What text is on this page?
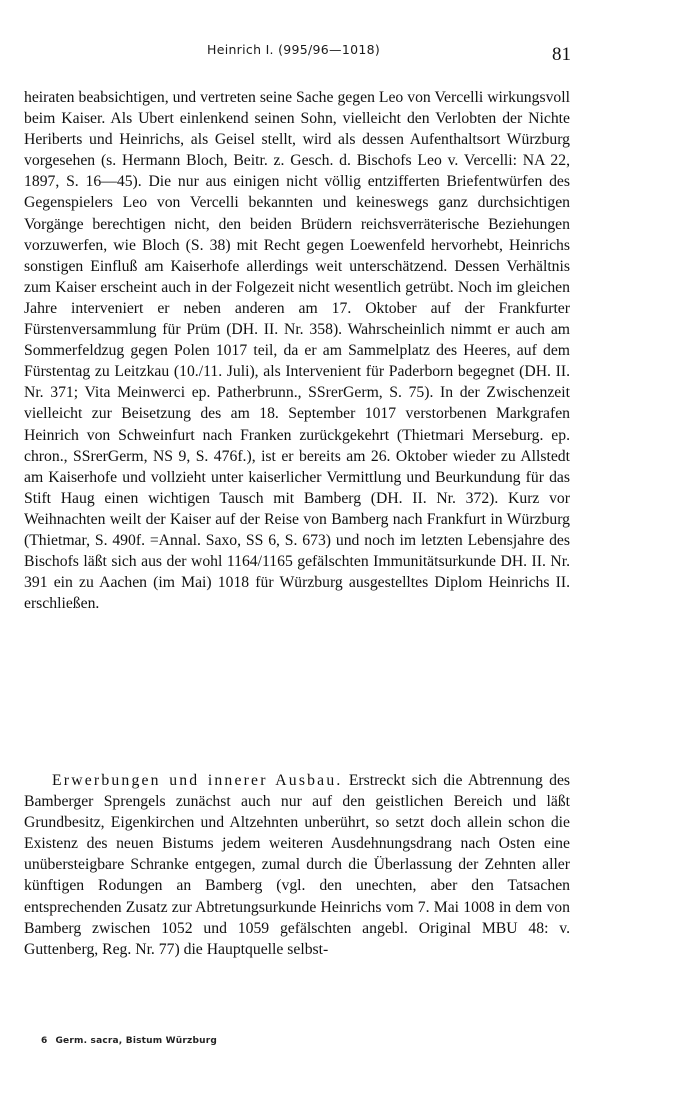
Heinrich I. (995/96—1018)	81

heiraten beabsichtigen, und vertreten seine Sache gegen Leo von Vercelli wirkungsvoll beim Kaiser. Als Ubert einlenkend seinen Sohn, vielleicht den Verlobten der Nichte Heriberts und Heinrichs, als Geisel stellt, wird als dessen Aufenthaltsort Würzburg vorgesehen (s. Hermann Bloch, Beitr. z. Gesch. d. Bischofs Leo v. Vercelli: NA 22, 1897, S. 16—45). Die nur aus einigen nicht völlig entzifferten Briefentwürfen des Gegenspielers Leo von Vercelli bekannten und keineswegs ganz durchsichtigen Vorgänge berechtigen nicht, den beiden Brüdern reichsverräterische Beziehungen vorzuwerfen, wie Bloch (S. 38) mit Recht gegen Loewenfeld hervorhebt, Heinrichs sonstigen Einfluß am Kaiserhofe allerdings weit unterschätzend. Dessen Verhältnis zum Kaiser erscheint auch in der Folgezeit nicht wesentlich getrübt. Noch im gleichen Jahre interveniert er neben anderen am 17. Oktober auf der Frankfurter Fürstenversammlung für Prüm (DH. II. Nr. 358). Wahrscheinlich nimmt er auch am Sommerfeldzug gegen Polen 1017 teil, da er am Sammelplatz des Heeres, auf dem Fürstentag zu Leitzkau (10./11. Juli), als Intervenient für Paderborn begegnet (DH. II. Nr. 371; Vita Meinwerci ep. Patherbrunn., SSrerGerm, S. 75). In der Zwischenzeit vielleicht zur Beisetzung des am 18. September 1017 verstorbenen Markgrafen Heinrich von Schweinfurt nach Franken zurückgekehrt (Thietmari Merseburg. ep. chron., SSrerGerm, NS 9, S. 476f.), ist er bereits am 26. Oktober wieder zu Allstedt am Kaiserhofe und vollzieht unter kaiserlicher Vermittlung und Beurkundung für das Stift Haug einen wichtigen Tausch mit Bamberg (DH. II. Nr. 372). Kurz vor Weihnachten weilt der Kaiser auf der Reise von Bamberg nach Frankfurt in Würzburg (Thietmar, S. 490f. =Annal. Saxo, SS 6, S. 673) und noch im letzten Lebensjahre des Bischofs läßt sich aus der wohl 1164/1165 gefälschten Immunitätsurkunde DH. II. Nr. 391 ein zu Aachen (im Mai) 1018 für Würzburg ausgestelltes Diplom Heinrichs II. erschließen.

Erwerbungen und innerer Ausbau. Erstreckt sich die Abtrennung des Bamberger Sprengels zunächst auch nur auf den geistlichen Bereich und läßt Grundbesitz, Eigenkirchen und Altzehnten unberührt, so setzt doch allein schon die Existenz des neuen Bistums jedem weiteren Ausdehnungsdrang nach Osten eine unübersteigbare Schranke entgegen, zumal durch die Überlassung der Zehnten aller künftigen Rodungen an Bamberg (vgl. den unechten, aber den Tatsachen entsprechenden Zusatz zur Abtretungsurkunde Heinrichs vom 7. Mai 1008 in dem von Bamberg zwischen 1052 und 1059 gefälschten angebl. Original MBU 48: v. Guttenberg, Reg. Nr. 77) die Hauptquelle selbst-

6 Germ. sacra, Bistum Würzburg
